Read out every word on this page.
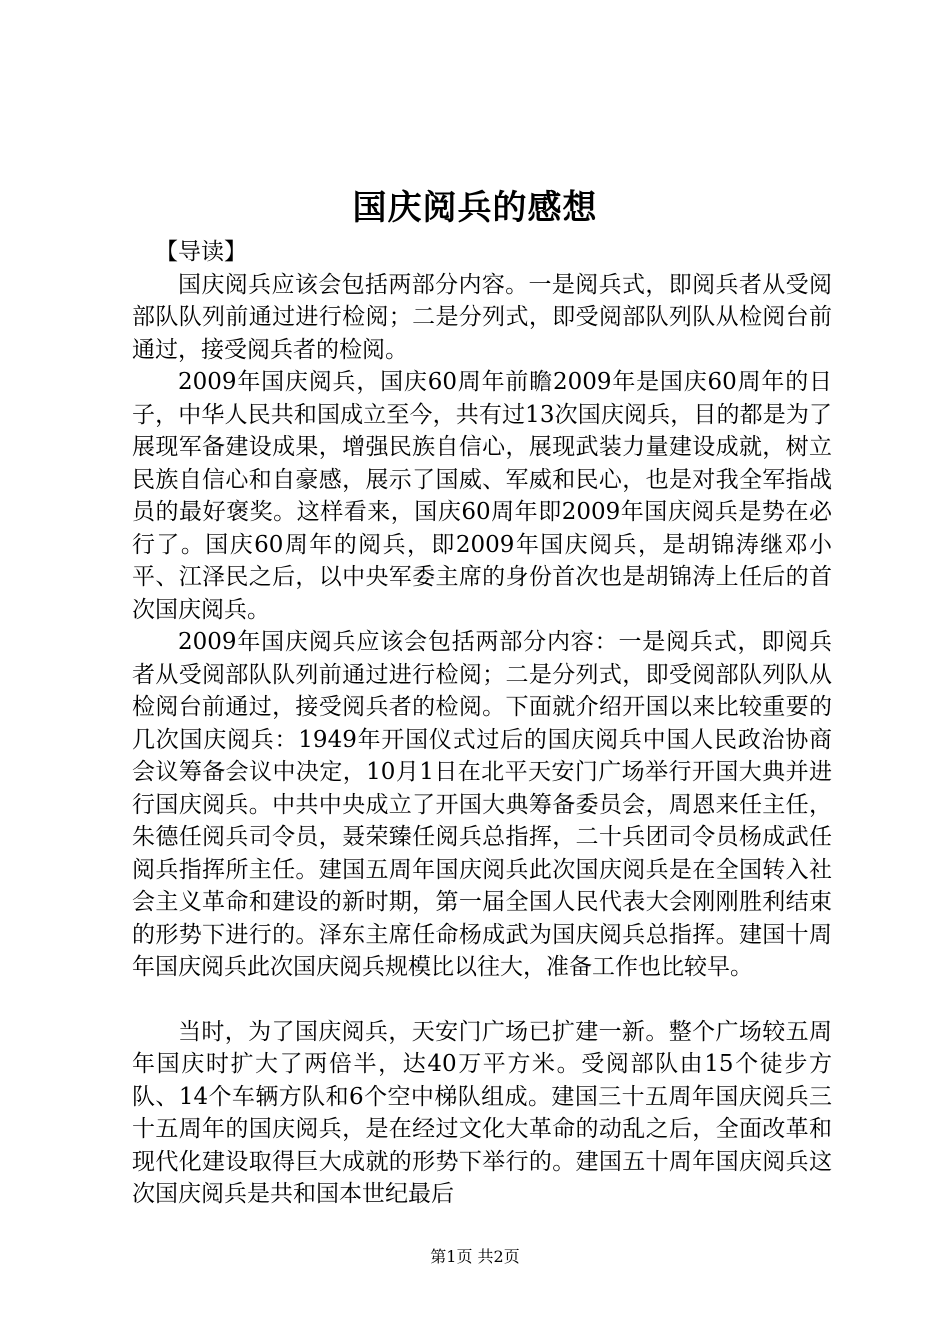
国庆阅兵的感想

【导读】

国庆阅兵应该会包括两部分内容。一是阅兵式，即阅兵者从受阅部队队列前通过进行检阅；二是分列式，即受阅部队列队从检阅台前通过，接受阅兵者的检阅。

2009年国庆阅兵，国庆60周年前瞻2009年是国庆60周年的日子，中华人民共和国成立至今，共有过13次国庆阅兵，目的都是为了展现军备建设成果，增强民族自信心，展现武装力量建设成就，树立民族自信心和自豪感，展示了国威、军威和民心，也是对我全军指战员的最好褒奖。这样看来，国庆60周年即2009年国庆阅兵是势在必行了。国庆60周年的阅兵，即2009年国庆阅兵，是胡锦涛继邓小平、江泽民之后，以中央军委主席的身份首次也是胡锦涛上任后的首次国庆阅兵。

2009年国庆阅兵应该会包括两部分内容：一是阅兵式，即阅兵者从受阅部队队列前通过进行检阅；二是分列式，即受阅部队列队从检阅台前通过，接受阅兵者的检阅。下面就介绍开国以来比较重要的几次国庆阅兵：1949年开国仪式过后的国庆阅兵中国人民政治协商会议筹备会议中决定，10月1日在北平天安门广场举行开国大典并进行国庆阅兵。中共中央成立了开国大典筹备委员会，周恩来任主任，朱德任阅兵司令员，聂荣臻任阅兵总指挥，二十兵团司令员杨成武任阅兵指挥所主任。建国五周年国庆阅兵此次国庆阅兵是在全国转入社会主义革命和建设的新时期，第一届全国人民代表大会刚刚胜利结束的形势下进行的。泽东主席任命杨成武为国庆阅兵总指挥。建国十周年国庆阅兵此次国庆阅兵规模比以往大，准备工作也比较早。

当时，为了国庆阅兵，天安门广场已扩建一新。整个广场较五周年国庆时扩大了两倍半，达40万平方米。受阅部队由15个徒步方队、14个车辆方队和6个空中梯队组成。建国三十五周年国庆阅兵三十五周年的国庆阅兵，是在经过文化大革命的动乱之后，全面改革和现代化建设取得巨大成就的形势下举行的。建国五十周年国庆阅兵这次国庆阅兵是共和国本世纪最后

第1页 共2页
